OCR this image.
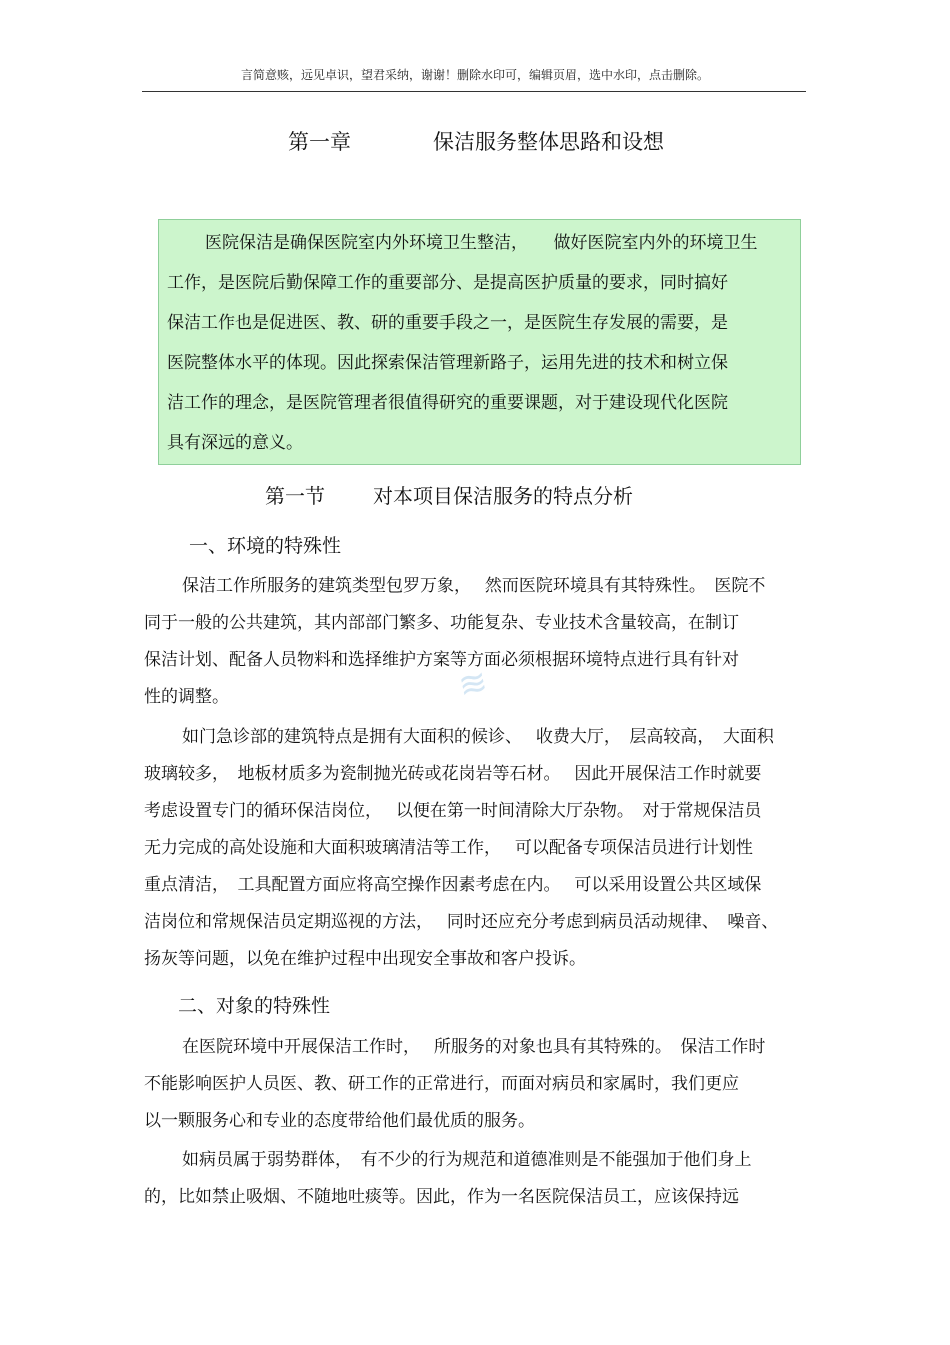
言简意赅，远见卓识，望君采纳，谢谢！删除水印可，编辑页眉，选中水印，点击删除。
第一章	保洁服务整体思路和设想
医院保洁是确保医院室内外环境卫生整洁，　　做好医院室内外的环境卫生
工作，是医院后勤保障工作的重要部分、是提高医护质量的要求，同时搞好
保洁工作也是促进医、教、研的重要手段之一，是医院生存发展的需要，是
医院整体水平的体现。因此探索保洁管理新路子，运用先进的技术和树立保
洁工作的理念，是医院管理者很值得研究的重要课题，对于建设现代化医院
具有深远的意义。
第一节 对本项目保洁服务的特点分析
一、环境的特殊性
保洁工作所服务的建筑类型包罗万象，　 然而医院环境具有其特殊性。　医院不
同于一般的公共建筑，其内部部门繁多、功能复杂、专业技术含量较高，在制订
保洁计划、配备人员物料和选择维护方案等方面必须根据环境特点进行具有针对
性的调整。	≋
如门急诊部的建筑特点是拥有大面积的候诊、　 收费大厅，　层高较高，　大面积
玻璃较多，　地板材质多为瓷制抛光砖或花岗岩等石材。　 因此开展保洁工作时就要
考虑设置专门的循环保洁岗位，　 以便在第一时间清除大厅杂物。　对于常规保洁员
无力完成的高处设施和大面积玻璃清洁等工作，　 可以配备专项保洁员进行计划性
重点清洁，　工具配置方面应将高空操作因素考虑在内。　 可以采用设置公共区域保
洁岗位和常规保洁员定期巡视的方法，　 同时还应充分考虑到病员活动规律、　噪音、
扬灰等问题，以免在维护过程中出现安全事故和客户投诉。
二、对象的特殊性
在医院环境中开展保洁工作时，　 所服务的对象也具有其特殊的。　保洁工作时
不能影响医护人员医、教、研工作的正常进行，而面对病员和家属时，我们更应
以一颗服务心和专业的态度带给他们最优质的服务。
如病员属于弱势群体，　有不少的行为规范和道德准则是不能强加于他们身上
的，比如禁止吸烟、不随地吐痰等。因此，作为一名医院保洁员工，应该保持远
